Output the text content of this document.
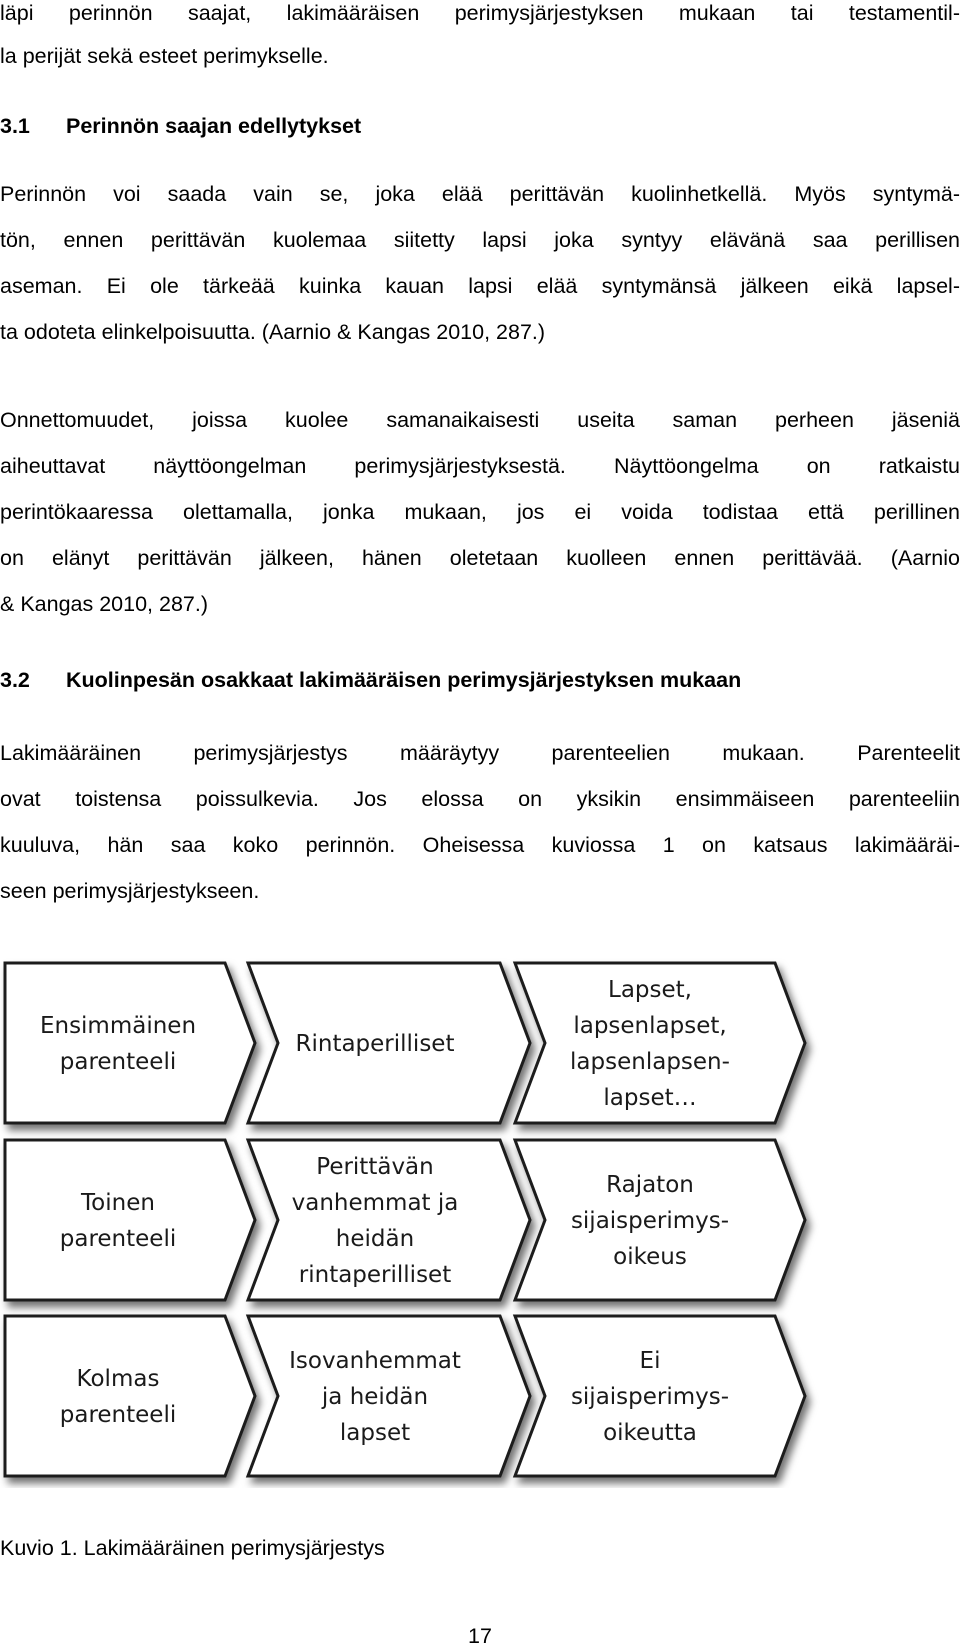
läpi perinnön saajat, lakimääräisen perimysjärjestyksen mukaan tai testamentil-

la perijät sekä esteet perimykselle.

3.1 Perinnön saajan edellytykset

Perinnön voi saada vain se, joka elää perittävän kuolinhetkellä. Myös syntymä-

tön, ennen perittävän kuolemaa siitetty lapsi joka syntyy elävänä saa perillisen

aseman. Ei ole tärkeää kuinka kauan lapsi elää syntymänsä jälkeen eikä lapsel-

ta odoteta elinkelpoisuutta. (Aarnio & Kangas 2010, 287.)

Onnettomuudet, joissa kuolee samanaikaisesti useita saman perheen jäseniä

aiheuttavat näyttöongelman perimysjärjestyksestä. Näyttöongelma on ratkaistu

perintökaaressa olettamalla, jonka mukaan, jos ei voida todistaa että perillinen

on elänyt perittävän jälkeen, hänen oletetaan kuolleen ennen perittävää. (Aarnio

& Kangas 2010, 287.)

3.2 Kuolinpesän osakkaat lakimääräisen perimysjärjestyksen mukaan

Lakimääräinen perimysjärjestys määräytyy parenteelien mukaan. Parenteelit

ovat toistensa poissulkevia. Jos elossa on yksikin ensimmäiseen parenteeliin

kuuluva, hän saa koko perinnön. Oheisessa kuviossa 1 on katsaus lakimääräi-

seen perimysjärjestykseen.

Ensimmäinen
parenteeli
Rintaperilliset
Lapset,
lapsenlapset,
lapsenlapsen-
lapset…
Toinen
parenteeli
Perittävän
vanhemmat ja
heidän
rintaperilliset
Rajaton
sijaisperimys-
oikeus
Kolmas
parenteeli
Isovanhemmat
ja heidän
lapset
Ei
sijaisperimys-
oikeutta

Kuvio 1. Lakimääräinen perimysjärjestys

17
